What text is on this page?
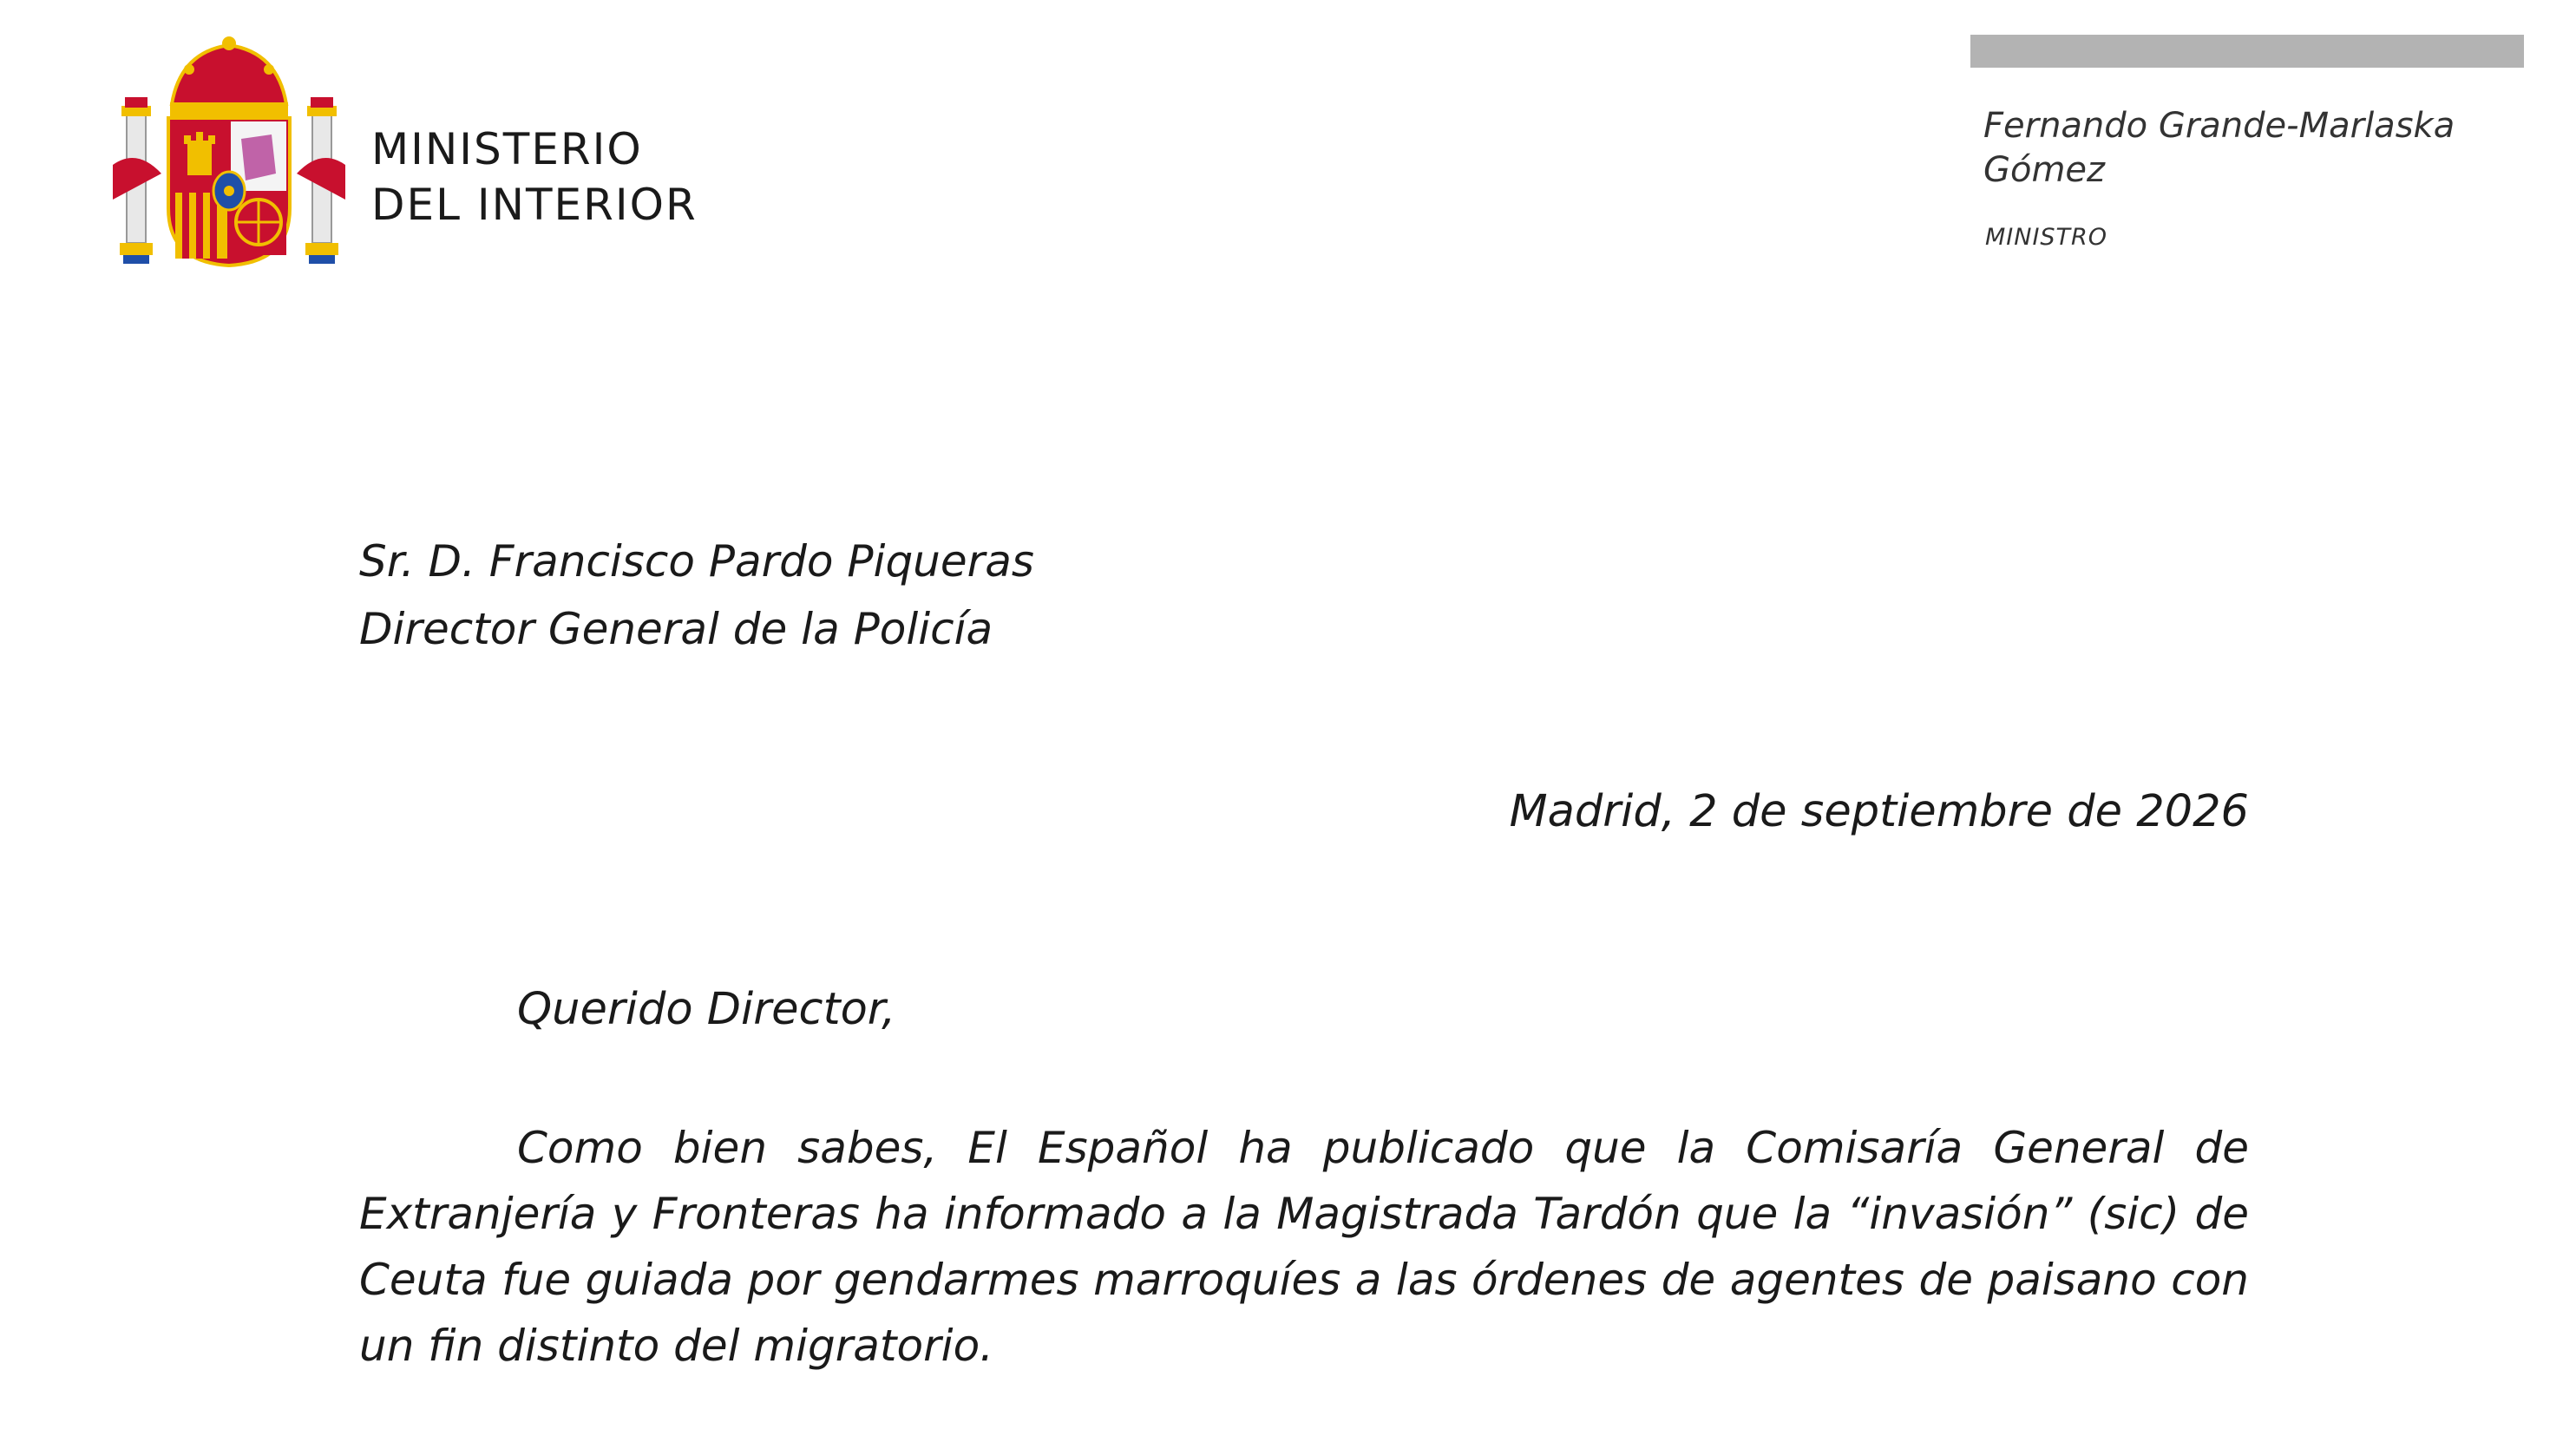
MINISTERIO
DEL INTERIOR
Fernando Grande-Marlaska
Gómez
MINISTRO
Sr. D. Francisco Pardo Piqueras
Director General de la Policía
Madrid, 2 de septiembre de 2026
Querido Director,
Como bien sabes, El Español ha publicado que la Comisaría General de Extranjería y Fronteras ha informado a la Magistrada Tardón que la “invasión” (sic) de Ceuta fue guiada por gendarmes marroquíes a las órdenes de agentes de paisano con un fin distinto del migratorio.
